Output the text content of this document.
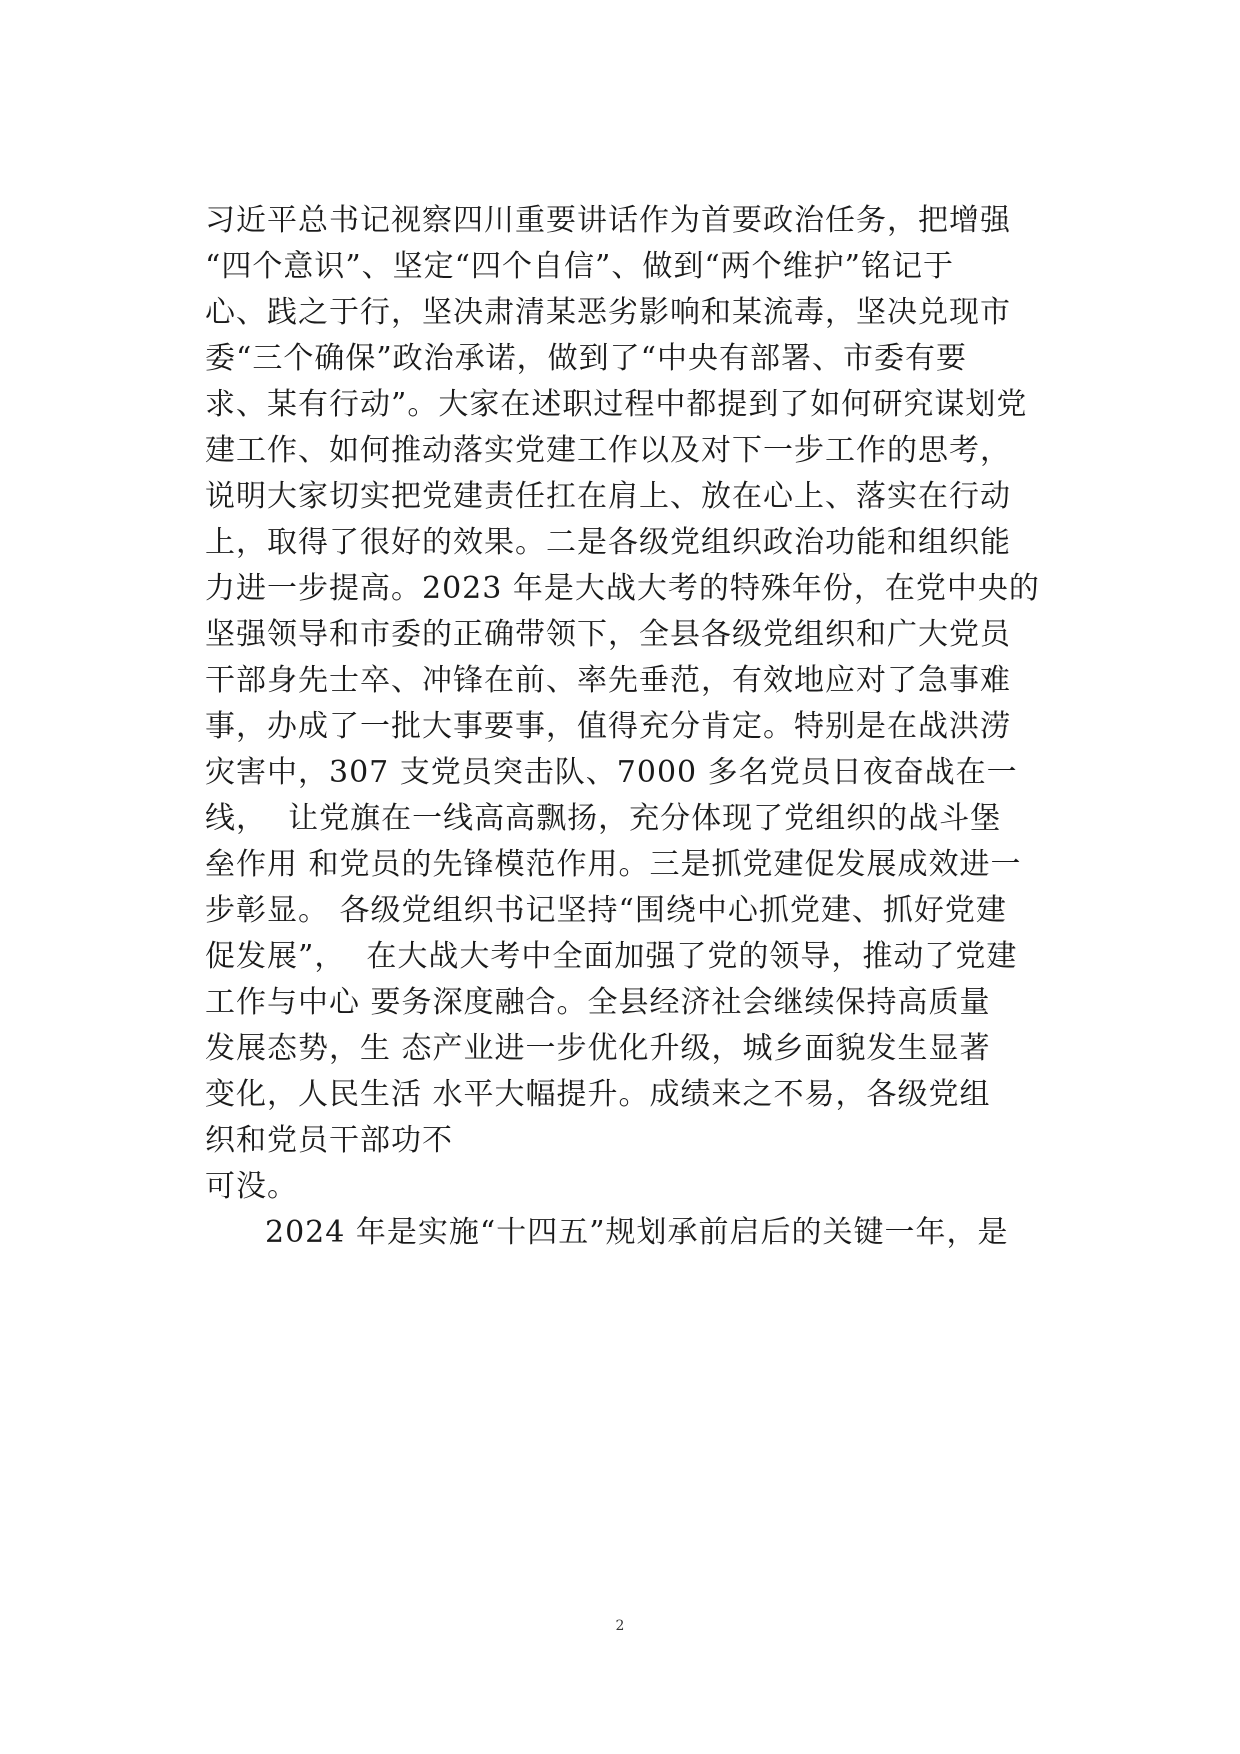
习近平总书记视察四川重要讲话作为首要政治任务，把增强
“四个意识”、坚定“四个自信”、做到“两个维护”铭记于
心、践之于行，坚决肃清某恶劣影响和某流毒，坚决兑现市
委“三个确保”政治承诺，做到了“中央有部署、市委有要
求、某有行动”。大家在述职过程中都提到了如何研究谋划党
建工作、如何推动落实党建工作以及对下一步工作的思考，
说明大家切实把党建责任扛在肩上、放在心上、落实在行动
上，取得了很好的效果。二是各级党组织政治功能和组织能
力进一步提高。2023 年是大战大考的特殊年份，在党中央的
坚强领导和市委的正确带领下，全县各级党组织和广大党员
干部身先士卒、冲锋在前、率先垂范，有效地应对了急事难
事，办成了一批大事要事，值得充分肯定。特别是在战洪涝
灾害中，307 支党员突击队、7000 多名党员日夜奋战在一
线，  让党旗在一线高高飘扬，充分体现了党组织的战斗堡
垒作用 和党员的先锋模范作用。三是抓党建促发展成效进一
步彰显。 各级党组织书记坚持“围绕中心抓党建、抓好党建
促发展”，  在大战大考中全面加强了党的领导，推动了党建
工作与中心 要务深度融合。全县经济社会继续保持高质量
发展态势，生 态产业进一步优化升级，城乡面貌发生显著
变化，人民生活 水平大幅提升。成绩来之不易，各级党组
织和党员干部功不
可没。
2024 年是实施“十四五”规划承前启后的关键一年，是
2
